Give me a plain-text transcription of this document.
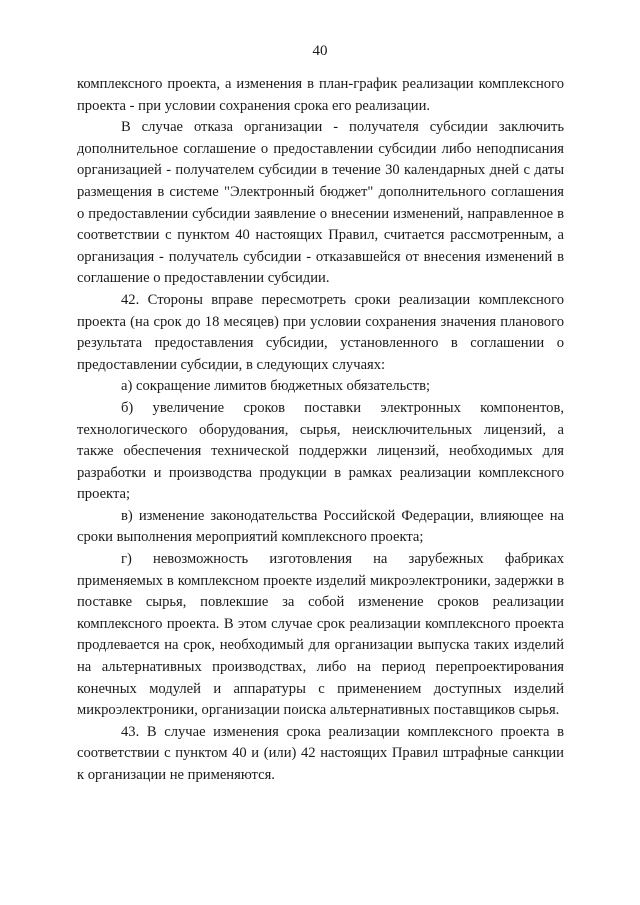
40

комплексного проекта, а изменения в план-график реализации комплексного проекта - при условии сохранения срока его реализации.

В случае отказа организации - получателя субсидии заключить дополнительное соглашение о предоставлении субсидии либо неподписания организацией - получателем субсидии в течение 30 календарных дней с даты размещения в системе "Электронный бюджет" дополнительного соглашения о предоставлении субсидии заявление о внесении изменений, направленное в соответствии с пунктом 40 настоящих Правил, считается рассмотренным, а организация - получатель субсидии - отказавшейся от внесения изменений в соглашение о предоставлении субсидии.

42. Стороны вправе пересмотреть сроки реализации комплексного проекта (на срок до 18 месяцев) при условии сохранения значения планового результата предоставления субсидии, установленного в соглашении о предоставлении субсидии, в следующих случаях:

а) сокращение лимитов бюджетных обязательств;

б) увеличение сроков поставки электронных компонентов, технологического оборудования, сырья, неисключительных лицензий, а также обеспечения технической поддержки лицензий, необходимых для разработки и производства продукции в рамках реализации комплексного проекта;

в) изменение законодательства Российской Федерации, влияющее на сроки выполнения мероприятий комплексного проекта;

г) невозможность изготовления на зарубежных фабриках применяемых в комплексном проекте изделий микроэлектроники, задержки в поставке сырья, повлекшие за собой изменение сроков реализации комплексного проекта. В этом случае срок реализации комплексного проекта продлевается на срок, необходимый для организации выпуска таких изделий на альтернативных производствах, либо на период перепроектирования конечных модулей и аппаратуры с применением доступных изделий микроэлектроники, организации поиска альтернативных поставщиков сырья.

43. В случае изменения срока реализации комплексного проекта в соответствии с пунктом 40 и (или) 42 настоящих Правил штрафные санкции к организации не применяются.
